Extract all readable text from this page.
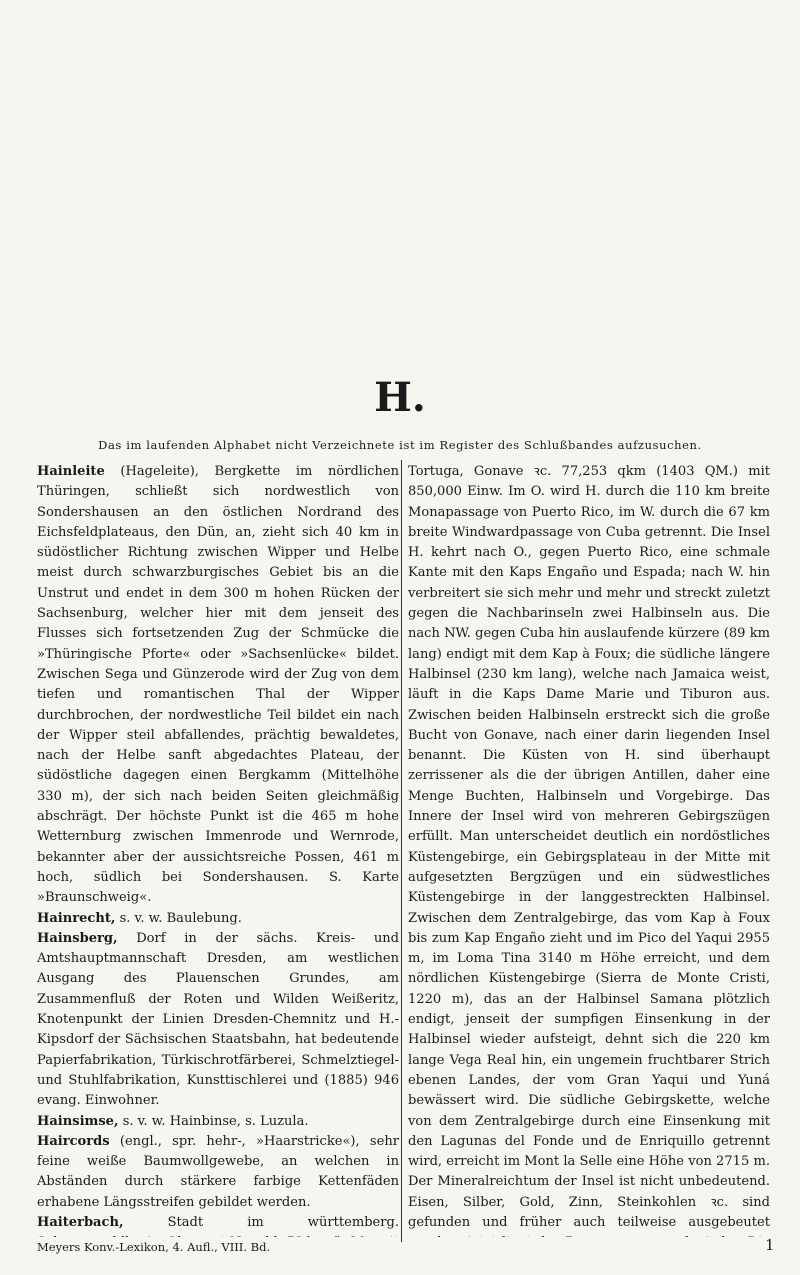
H.
Das im laufenden Alphabet nicht Verzeichnete ist im Register des Schlußbandes aufzusuchen.

Hainleite (Hageleite), Bergkette im nördlichen Thüringen, schließt sich nordwestlich von Sondershausen an den östlichen Nordrand des Eichsfeldplateaus, den Dün, an, zieht sich 40 km in südöstlicher Richtung zwischen Wipper und Helbe meist durch schwarzburgisches Gebiet bis an die Unstrut und endet in dem 300 m hohen Rücken der Sachsenburg, welcher hier mit dem jenseit des Flusses sich fortsetzenden Zug der Schmücke die »Thüringische Pforte« oder »Sachsenlücke« bildet. Zwischen Sega und Günzerode wird der Zug von dem tiefen und romantischen Thal der Wipper durchbrochen, der nordwestliche Teil bildet ein nach der Wipper steil abfallendes, prächtig bewaldetes, nach der Helbe sanft abgedachtes Plateau, der südöstliche dagegen einen Bergkamm (Mittelhöhe 330 m), der sich nach beiden Seiten gleichmäßig abschrägt. Der höchste Punkt ist die 465 m hohe Wetternburg zwischen Immenrode und Wernrode, bekannter aber der aussichtsreiche Possen, 461 m hoch, südlich bei Sondershausen. S. Karte »Braunschweig«.

Hainrecht, s. v. w. Baulebung.

Hainsberg, Dorf in der sächs. Kreis- und Amtshauptmannschaft Dresden, am westlichen Ausgang des Plauenschen Grundes, am Zusammenfluß der Roten und Wilden Weißeritz, Knotenpunkt der Linien Dresden-Chemnitz und H.-Kipsdorf der Sächsischen Staatsbahn, hat bedeutende Papierfabrikation, Türkischrotfärberei, Schmelztiegel- und Stuhlfabrikation, Kunsttischlerei und (1885) 946 evang. Einwohner.

Hainsimse, s. v. w. Hainbinse, s. Luzula.

Haircords (engl., spr. hehr-, »Haarstricke«), sehr feine weiße Baumwollgewebe, an welchen in Abständen durch stärkere farbige Kettenfäden erhabene Längsstreifen gebildet werden.

Haiterbach,	Stadt im württemberg.

Tortuga, Gonave ꝛc. 77,253 qkm (1403 QM.) mit 850,000 Einw. Im O. wird H. durch die 110 km breite Monapassage von Puerto Rico, im W. durch die 67 km breite Windwardpassage von Cuba getrennt. Die Insel H. kehrt nach O., gegen Puerto Rico, eine schmale Kante mit den Kaps Engaño und Espada; nach W. hin verbreitert sie sich mehr und mehr und streckt zuletzt gegen die Nachbarinseln zwei Halbinseln aus. Die nach NW. gegen Cuba hin auslaufende kürzere (89 km lang) endigt mit dem Kap à Foux; die südliche längere Halbinsel (230 km lang), welche nach Jamaica weist, läuft in die Kaps Dame Marie und Tiburon aus. Zwischen beiden Halbinseln erstreckt sich die große Bucht von Gonave, nach einer darin liegenden Insel benannt. Die Küsten von H. sind überhaupt zerrissener als die der übrigen Antillen, daher eine Menge Buchten, Halbinseln und Vorgebirge. Das Innere der Insel wird von mehreren Gebirgszügen erfüllt. Man unterscheidet deutlich ein nordöstliches Küstengebirge, ein Gebirgsplateau in der Mitte mit aufgesetzten Bergzügen und ein südwestliches Küstengebirge in der langgestreckten Halbinsel. Zwischen dem Zentralgebirge, das vom Kap à Foux bis zum Kap Engaño zieht und im Pico del Yaqui 2955 m, im Loma Tina 3140 m Höhe erreicht, und dem nördlichen Küstengebirge (Sierra de Monte Cristi, 1220 m), das an der Halbinsel Samana plötzlich endigt, jenseit der sumpfigen Einsenkung in der Halbinsel wieder aufsteigt, dehnt sich die 220 km lange Vega Real hin, ein ungemein fruchtbarer Strich ebenen Landes, der vom Gran Yaqui und Yuná bewässert wird. Die südliche Gebirgskette, welche von dem Zentralgebirge durch eine Einsenkung mit den Lagunas del Fonde und de Enriquillo getrennt wird, erreicht im Mont la Selle eine Höhe von 2715 m. Der Mineralreichtum der Insel ist nicht unbedeutend. Eisen, Silber, Gold, Zinn, Steinkohlen ꝛc. sind gefunden und früher auch teilweise ausgebeutet

Meyers Konv.-Lexikon, 4. Aufl., VIII. Bd.	1
